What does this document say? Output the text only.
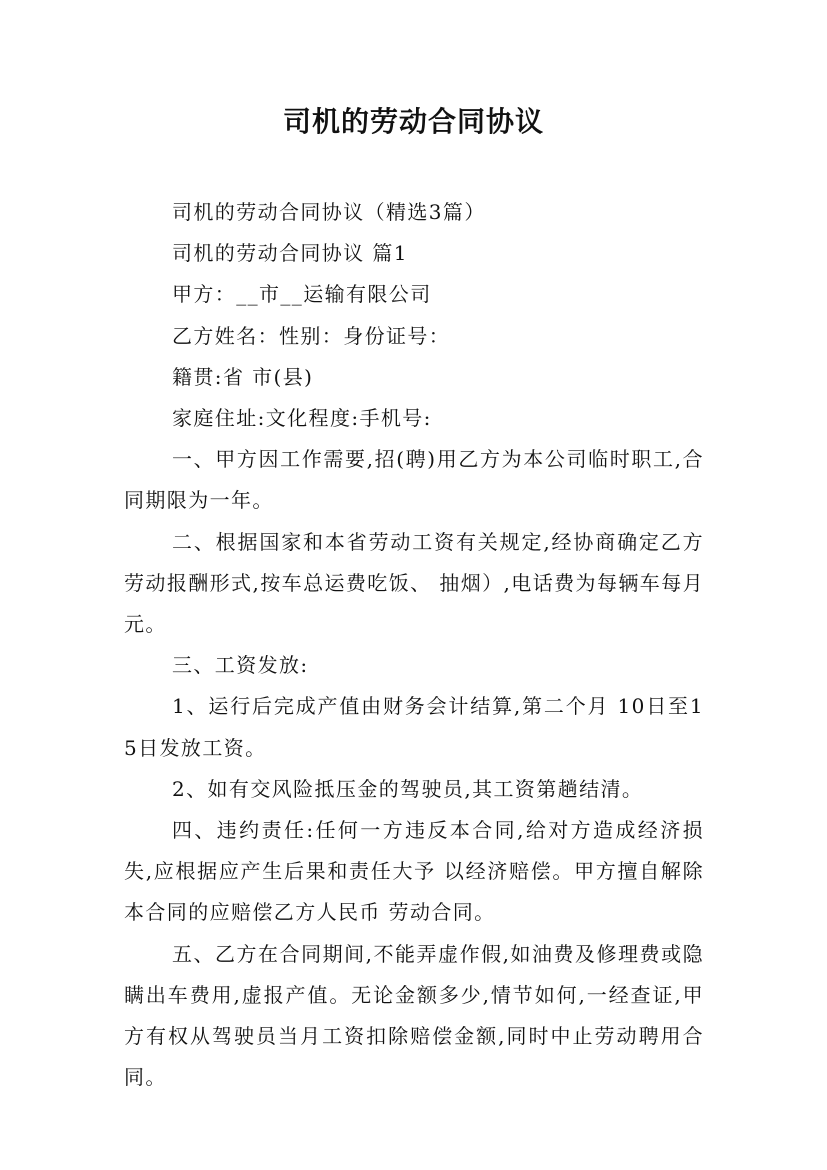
司机的劳动合同协议

司机的劳动合同协议（精选3篇）

司机的劳动合同协议 篇1

甲方：__市__运输有限公司

乙方姓名：性别：身份证号：

籍贯:省 市(县)

家庭住址:文化程度:手机号:

一、甲方因工作需要,招(聘)用乙方为本公司临时职工,合同期限为一年。

二、根据国家和本省劳动工资有关规定,经协商确定乙方劳动报酬形式,按车总运费吃饭、 抽烟）,电话费为每辆车每月 元。

三、工资发放:

1、运行后完成产值由财务会计结算,第二个月 10日至15日发放工资。

2、如有交风险抵压金的驾驶员,其工资第趟结清。

四、违约责任:任何一方违反本合同,给对方造成经济损失,应根据应产生后果和责任大予 以经济赔偿。甲方擅自解除本合同的应赔偿乙方人民币 劳动合同。

五、乙方在合同期间,不能弄虚作假,如油费及修理费或隐瞒出车费用,虚报产值。无论金额多少,情节如何,一经查证,甲方有权从驾驶员当月工资扣除赔偿金额,同时中止劳动聘用合同。
